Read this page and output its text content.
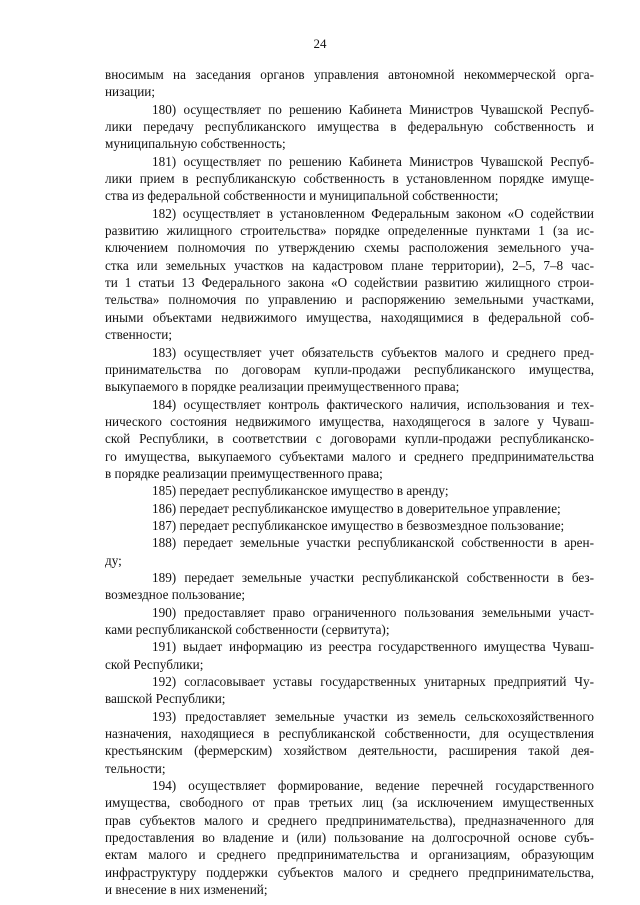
24
вносимым на заседания органов управления автономной некоммерческой орга-
низации;
180) осуществляет по решению Кабинета Министров Чувашской Респуб-
лики передачу республиканского имущества в федеральную собственность и
муниципальную собственность;
181) осуществляет по решению Кабинета Министров Чувашской Респуб-
лики прием в республиканскую собственность в установленном порядке имуще-
ства из федеральной собственности и муниципальной собственности;
182) осуществляет в установленном Федеральным законом «О содействии
развитию жилищного строительства» порядке определенные пунктами 1 (за ис-
ключением полномочия по утверждению схемы расположения земельного уча-
стка или земельных участков на кадастровом плане территории), 2–5, 7–8 час-
ти 1 статьи 13 Федерального закона «О содействии развитию жилищного строи-
тельства» полномочия по управлению и распоряжению земельными участками,
иными объектами недвижимого имущества, находящимися в федеральной соб-
ственности;
183) осуществляет учет обязательств субъектов малого и среднего пред-
принимательства по договорам купли-продажи республиканского имущества,
выкупаемого в порядке реализации преимущественного права;
184) осуществляет контроль фактического наличия, использования и тех-
нического состояния недвижимого имущества, находящегося в залоге у Чуваш-
ской Республики, в соответствии с договорами купли-продажи республиканско-
го имущества, выкупаемого субъектами малого и среднего предпринимательства
в порядке реализации преимущественного права;
185) передает республиканское имущество в аренду;
186) передает республиканское имущество в доверительное управление;
187) передает республиканское имущество в безвозмездное пользование;
188) передает земельные участки республиканской собственности в арен-
ду;
189) передает земельные участки республиканской собственности в без-
возмездное пользование;
190) предоставляет право ограниченного пользования земельными участ-
ками республиканской собственности (сервитута);
191) выдает информацию из реестра государственного имущества Чуваш-
ской Республики;
192) согласовывает уставы государственных унитарных предприятий Чу-
вашской Республики;
193) предоставляет земельные участки из земель сельскохозяйственного
назначения, находящиеся в республиканской собственности, для осуществления
крестьянским (фермерским) хозяйством деятельности, расширения такой дея-
тельности;
194) осуществляет формирование, ведение перечней государственного
имущества, свободного от прав третьих лиц (за исключением имущественных
прав субъектов малого и среднего предпринимательства), предназначенного для
предоставления во владение и (или) пользование на долгосрочной основе субъ-
ектам малого и среднего предпринимательства и организациям, образующим
инфраструктуру поддержки субъектов малого и среднего предпринимательства,
и внесение в них изменений;
